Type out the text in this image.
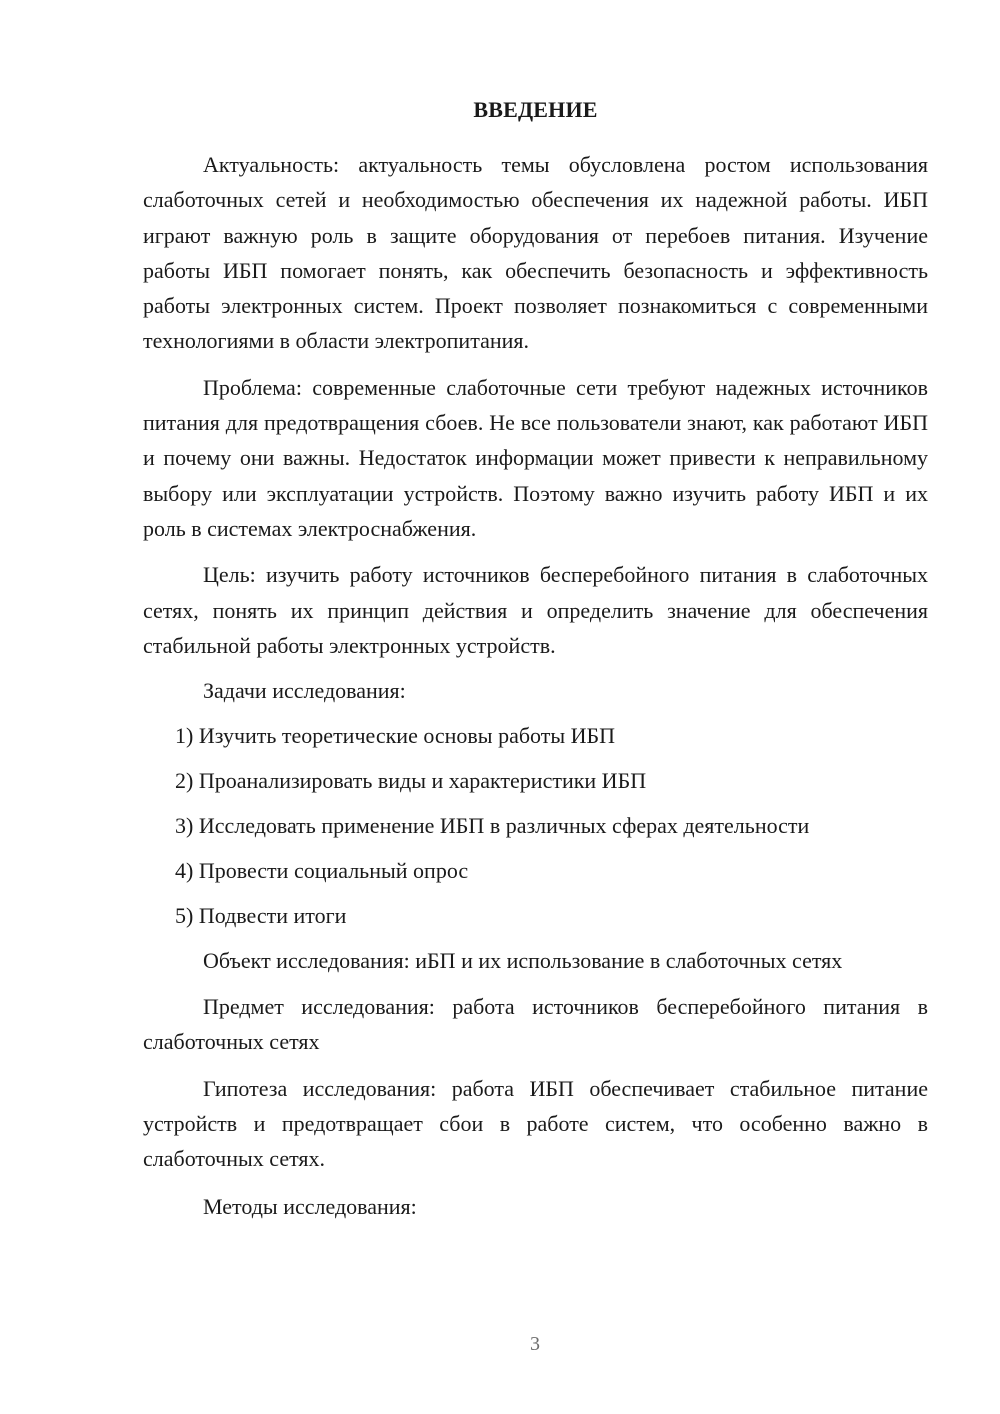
ВВЕДЕНИЕ

Актуальность: актуальность темы обусловлена ростом использования слаботочных сетей и необходимостью обеспечения их надежной работы. ИБП играют важную роль в защите оборудования от перебоев питания. Изучение работы ИБП помогает понять, как обеспечить безопасность и эффективность работы электронных систем. Проект позволяет познакомиться с современными технологиями в области электропитания.

Проблема: современные слаботочные сети требуют надежных источников питания для предотвращения сбоев. Не все пользователи знают, как работают ИБП и почему они важны. Недостаток информации может привести к неправильному выбору или эксплуатации устройств. Поэтому важно изучить работу ИБП и их роль в системах электроснабжения.

Цель: изучить работу источников бесперебойного питания в слаботочных сетях, понять их принцип действия и определить значение для обеспечения стабильной работы электронных устройств.

Задачи исследования:
1) Изучить теоретические основы работы ИБП
2) Проанализировать виды и характеристики ИБП
3) Исследовать применение ИБП в различных сферах деятельности
4) Провести социальный опрос
5) Подвести итоги
Объект исследования: иБП и их использование в слаботочных сетях

Предмет исследования: работа источников бесперебойного питания в слаботочных сетях

Гипотеза исследования: работа ИБП обеспечивает стабильное питание устройств и предотвращает сбои в работе систем, что особенно важно в слаботочных сетях.

Методы исследования:
3
